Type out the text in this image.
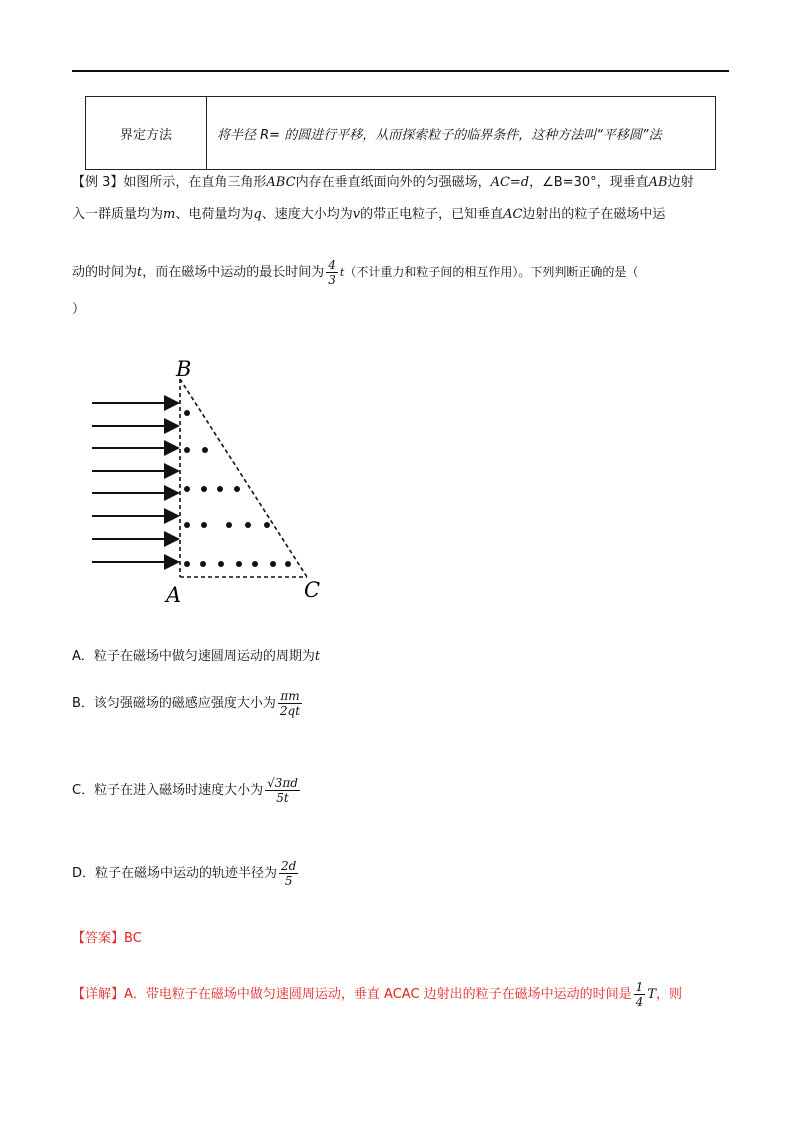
界定方法	将半径 R= 的圆进行平移，从而探索粒子的临界条件，这种方法叫“平移圆”法
【例 3】如图所示，在直角三角形ABC内存在垂直纸面向外的匀强磁场，AC=d，∠B=30°，现垂直AB边射
入一群质量均为m、电荷量均为q、速度大小均为v的带正电粒子，已知垂直AC边射出的粒子在磁场中运
动的时间为t，而在磁场中运动的最长时间为 $\frac{4}{3} t$（不计重力和粒子间的相互作用）。下列判断正确的是（
）
B
A	C
A．粒子在磁场中做匀速圆周运动的周期为t
B．该匀强磁场的磁感应强度大小为 $\frac{\pi m}{2qt}$
C．粒子在进入磁场时速度大小为 $\frac{√3\pi d}{5t}$
D．粒子在磁场中运动的轨迹半径为 $\frac{2d}{5}$
【答案】BC
【详解】A．带电粒子在磁场中做匀速圆周运动，垂直 ACAC 边射出的粒子在磁场中运动的时间是 $\frac{1}{4}$ T，则
